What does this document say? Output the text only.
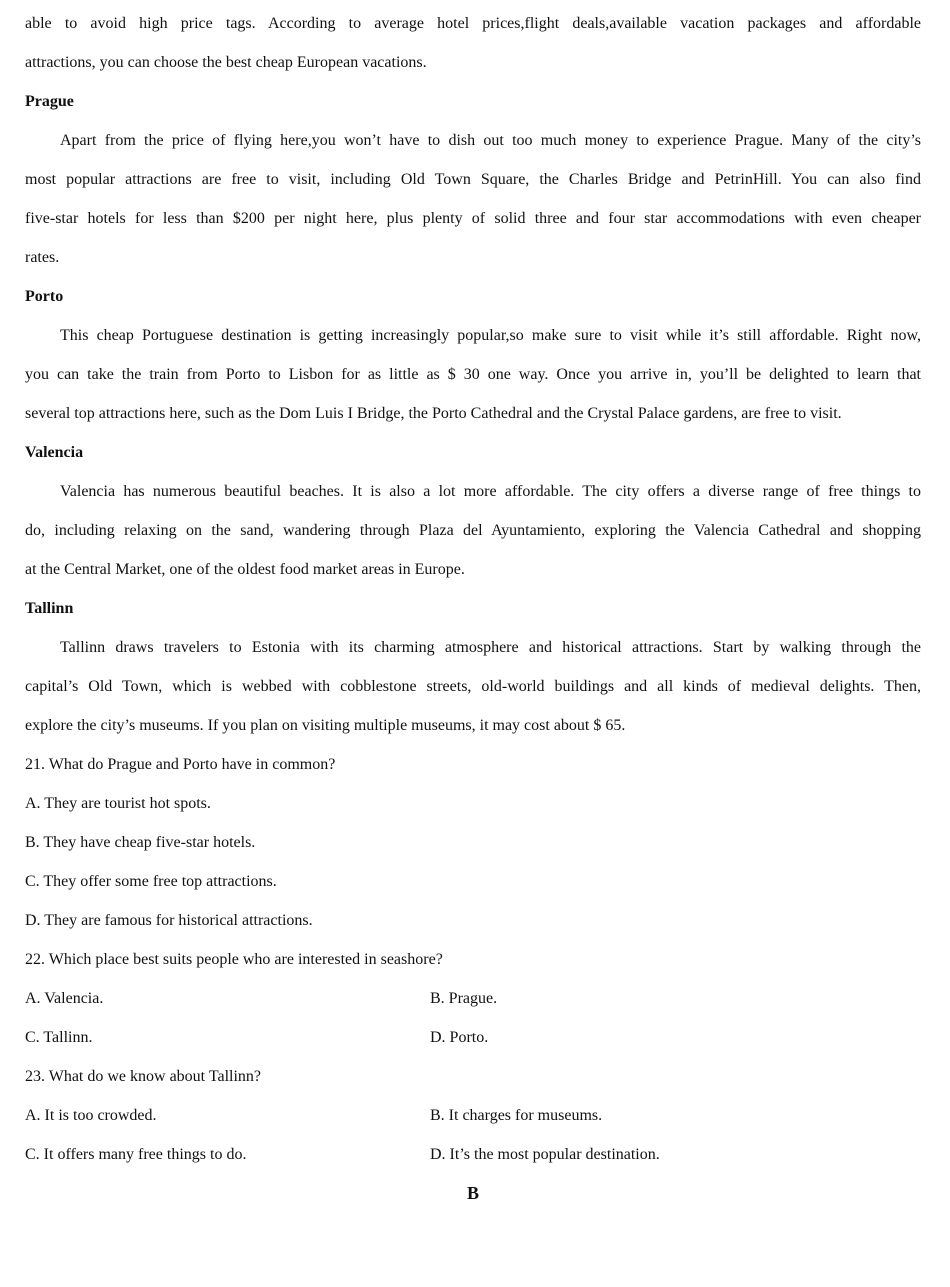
able to avoid high price tags. According to average hotel prices,flight deals,available vacation packages and affordable
attractions, you can choose the best cheap European vacations.
Prague
Apart from the price of flying here,you won’t have to dish out too much money to experience Prague. Many of the city’s
most popular attractions are free to visit, including Old Town Square, the Charles Bridge and PetrinHill. You can also find
five-star hotels for less than $200 per night here, plus plenty of solid three and four star accommodations with even cheaper
rates.
Porto
This cheap Portuguese destination is getting increasingly popular,so make sure to visit while it’s still affordable. Right now,
you can take the train from Porto to Lisbon for as little as $ 30 one way. Once you arrive in, you’ll be delighted to learn that
several top attractions here, such as the Dom Luis I Bridge, the Porto Cathedral and the Crystal Palace gardens, are free to visit.
Valencia
Valencia has numerous beautiful beaches. It is also a lot more affordable. The city offers a diverse range of free things to
do, including relaxing on the sand, wandering through Plaza del Ayuntamiento, exploring the Valencia Cathedral and shopping
at the Central Market, one of the oldest food market areas in Europe.
Tallinn
Tallinn draws travelers to Estonia with its charming atmosphere and historical attractions. Start by walking through the
capital’s Old Town, which is webbed with cobblestone streets, old-world buildings and all kinds of medieval delights. Then,
explore the city’s museums. If you plan on visiting multiple museums, it may cost about $ 65.
21. What do Prague and Porto have in common?
A. They are tourist hot spots.
B. They have cheap five-star hotels.
C. They offer some free top attractions.
D. They are famous for historical attractions.
22. Which place best suits people who are interested in seashore?
A. Valencia.	B. Prague.
C. Tallinn.	D. Porto.
23. What do we know about Tallinn?
A. It is too crowded.	B. It charges for museums.
C. It offers many free things to do.	D. It’s the most popular destination.
B
